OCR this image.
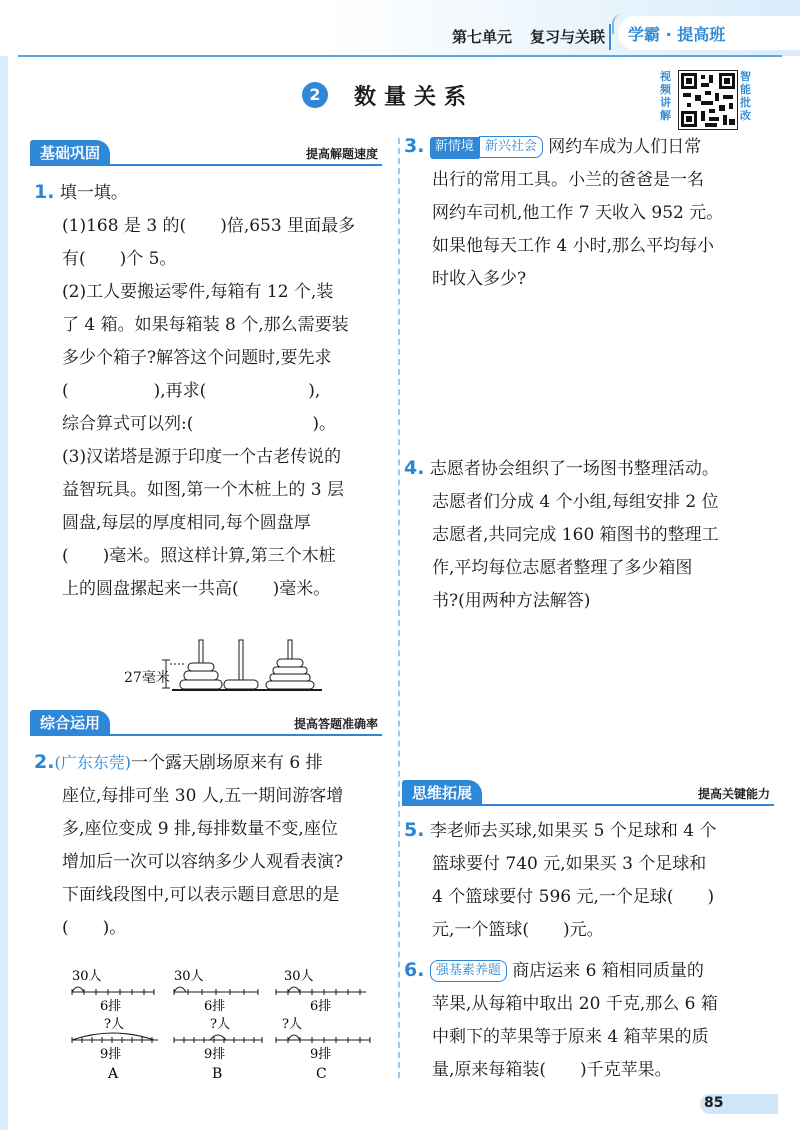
第七单元 复习与关联	学霸 · 提高班
2	数量关系
视频讲解
智能批改
基础巩固	提高解题速度
1. 填一填。
(1)168 是 3 的(　　)倍,653 里面最多
有(　　)个 5。
(2)工人要搬运零件,每箱有 12 个,装
了 4 箱。如果每箱装 8 个,那么需要装
多少个箱子?解答这个问题时,要先求
(　　　　　),再求(　　　　　　),
综合算式可以列:(　　　　　　　)。
(3)汉诺塔是源于印度一个古老传说的
益智玩具。如图,第一个木桩上的 3 层
圆盘,每层的厚度相同,每个圆盘厚
(　　)毫米。照这样计算,第三个木桩
上的圆盘摞起来一共高(　　)毫米。
27毫米
综合运用	提高答题准确率
2.(广东东莞)一个露天剧场原来有 6 排
座位,每排可坐 30 人,五一期间游客增
多,座位变成 9 排,每排数量不变,座位
增加后一次可以容纳多少人观看表演?
下面线段图中,可以表示题目意思的是
(　　)。
30人
6排
?人
9排
A
30人
6排
?人
9排
B
30人
6排
?人
9排
C
3. 新情境 新兴社会 网约车成为人们日常
出行的常用工具。小兰的爸爸是一名
网约车司机,他工作 7 天收入 952 元。
如果他每天工作 4 小时,那么平均每小
时收入多少?
4. 志愿者协会组织了一场图书整理活动。
志愿者们分成 4 个小组,每组安排 2 位
志愿者,共同完成 160 箱图书的整理工
作,平均每位志愿者整理了多少箱图
书?(用两种方法解答)
思维拓展	提高关键能力
5. 李老师去买球,如果买 5 个足球和 4 个
篮球要付 740 元,如果买 3 个足球和
4 个篮球要付 596 元,一个足球(　　)
元,一个篮球(　　)元。
6. 强基素养题 商店运来 6 箱相同质量的
苹果,从每箱中取出 20 千克,那么 6 箱
中剩下的苹果等于原来 4 箱苹果的质
量,原来每箱装(　　)千克苹果。
85
